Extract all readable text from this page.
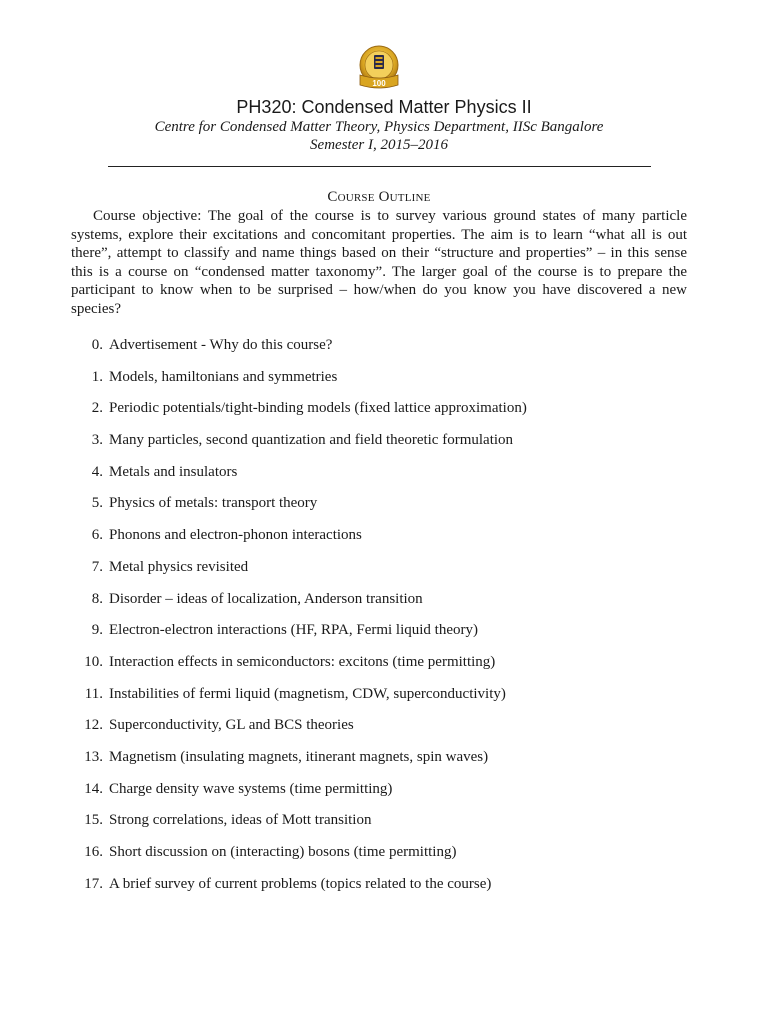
100
PH320: Condensed Matter Physics II
Centre for Condensed Matter Theory, Physics Department, IISc Bangalore
Semester I, 2015–2016
Course Outline

Course objective: The goal of the course is to survey various ground states of many particle systems, explore their excitations and concomitant properties. The aim is to learn “what all is out there”, attempt to classify and name things based on their “structure and properties” – in this sense this is a course on “condensed matter taxonomy”. The larger goal of the course is to prepare the participant to know when to be surprised – how/when do you know you have discovered a new species?

0. Advertisement - Why do this course?
1. Models, hamiltonians and symmetries
2. Periodic potentials/tight-binding models (fixed lattice approximation)
3. Many particles, second quantization and field theoretic formulation
4. Metals and insulators
5. Physics of metals: transport theory
6. Phonons and electron-phonon interactions
7. Metal physics revisited
8. Disorder – ideas of localization, Anderson transition
9. Electron-electron interactions (HF, RPA, Fermi liquid theory)
10. Interaction effects in semiconductors: excitons (time permitting)
11. Instabilities of fermi liquid (magnetism, CDW, superconductivity)
12. Superconductivity, GL and BCS theories
13. Magnetism (insulating magnets, itinerant magnets, spin waves)
14. Charge density wave systems (time permitting)
15. Strong correlations, ideas of Mott transition
16. Short discussion on (interacting) bosons (time permitting)
17. A brief survey of current problems (topics related to the course)
